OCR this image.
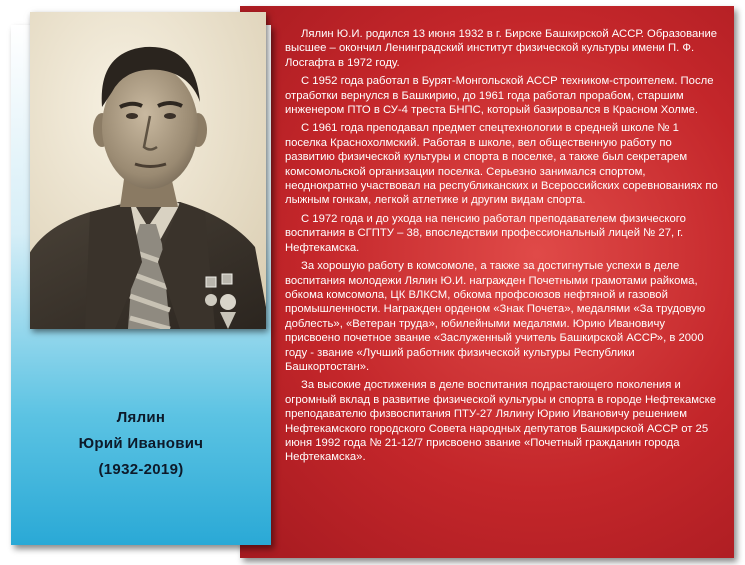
Лялин
Юрий Иванович
(1932-2019)

Лялин Ю.И. родился 13 июня 1932 в г. Бирске Башкирской АССР. Образование высшее – окончил Ленинградский институт физической культуры имени П. Ф. Лосгафта в 1972 году.

С 1952 года работал в Бурят-Монгольской АССР техником-строителем. После отработки вернулся в Башкирию, до 1961 года работал прорабом, старшим инженером ПТО в СУ-4 треста БНПС, который базировался в Красном Холме.

С 1961 года преподавал предмет спецтехнологии в средней школе № 1 поселка Краснохолмский. Работая в школе, вел общественную работу по развитию физической культуры и спорта в поселке, а также был секретарем комсомольской организации поселка. Серьезно занимался спортом, неоднократно участвовал на республиканских и Всероссийских соревнованиях по лыжным гонкам, легкой атлетике и другим видам спорта.

С 1972 года и до ухода на пенсию работал преподавателем физического воспитания в СГПТУ – 38, впоследствии профессиональный лицей № 27, г. Нефтекамска.

За хорошую работу в комсомоле, а также за достигнутые успехи в деле воспитания молодежи Лялин Ю.И. награжден Почетными грамотами райкома, обкома комсомола, ЦК ВЛКСМ, обкома профсоюзов нефтяной и газовой промышленности. Награжден орденом «Знак Почета», медалями «За трудовую доблесть», «Ветеран труда», юбилейными медалями. Юрию Ивановичу присвоено почетное звание «Заслуженный учитель Башкирской АССР», в 2000 году - звание «Лучший работник физической культуры Республики Башкортостан».

За высокие достижения в деле воспитания подрастающего поколения и огромный вклад в развитие физической культуры и спорта в городе Нефтекамске преподавателю физвоспитания ПТУ-27 Лялину Юрию Ивановичу решением Нефтекамского городского Совета народных депутатов Башкирской АССР от 25 июня 1992 года № 21-12/7 присвоено звание «Почетный гражданин города Нефтекамска».
